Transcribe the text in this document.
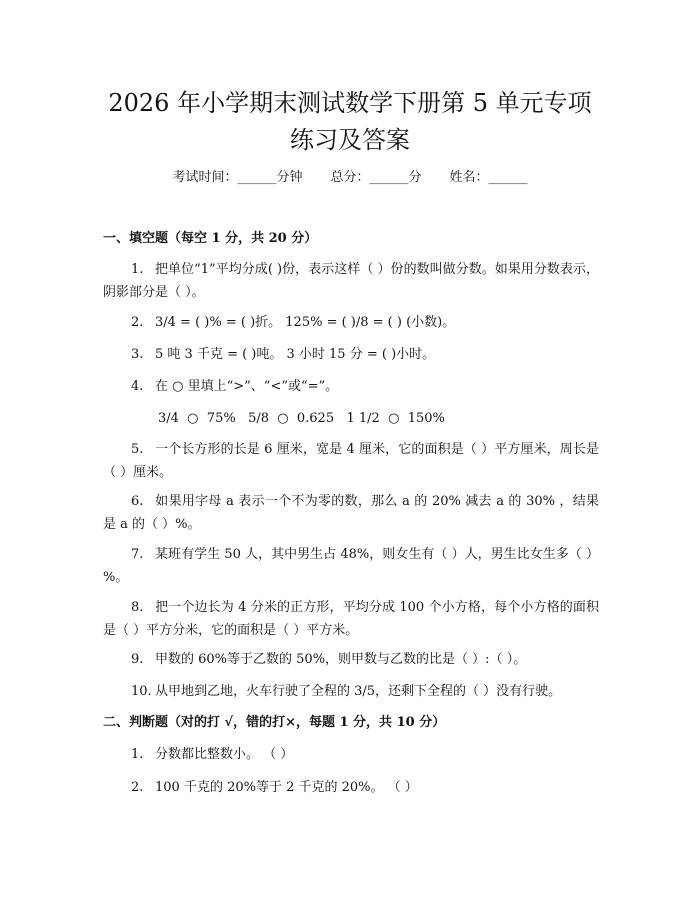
2026 年小学期末测试数学下册第 5 单元专项
练习及答案
考试时间：______分钟 总分：______分 姓名：______

一、填空题（每空 1 分，共 20 分）

1. 把单位“1”平均分成( )份，表示这样（ ）份的数叫做分数。如果用分数表示，阴影部分是（ ）。

2. 3/4 = ( )% = ( )折。 125% = ( )/8 = ( ) (小数)。

3. 5 吨 3 千克 = ( )吨。 3 小时 15 分 = ( )小时。

4. 在 ○ 里填上“>”、“<”或“=”。

3/4  ○  75%   5/8  ○  0.625   1 1/2  ○  150%

5. 一个长方形的长是 6 厘米，宽是 4 厘米，它的面积是（ ）平方厘米，周长是（ ）厘米。

6. 如果用字母 a 表示一个不为零的数，那么 a 的 20% 减去 a 的 30% ，结果是 a 的（ ）%。

7. 某班有学生 50 人，其中男生占 48%，则女生有（ ）人，男生比女生多（ ）%。

8. 把一个边长为 4 分米的正方形，平均分成 100 个小方格，每个小方格的面积是（ ）平方分米，它的面积是（ ）平方米。

9. 甲数的 60%等于乙数的 50%，则甲数与乙数的比是（ ）:（ ）。

10. 从甲地到乙地，火车行驶了全程的 3/5，还剩下全程的（ ）没有行驶。

二、判断题（对的打 √，错的打×，每题 1 分，共 10 分）

1. 分数都比整数小。 （ ）

2. 100 千克的 20%等于 2 千克的 20%。 （ ）
